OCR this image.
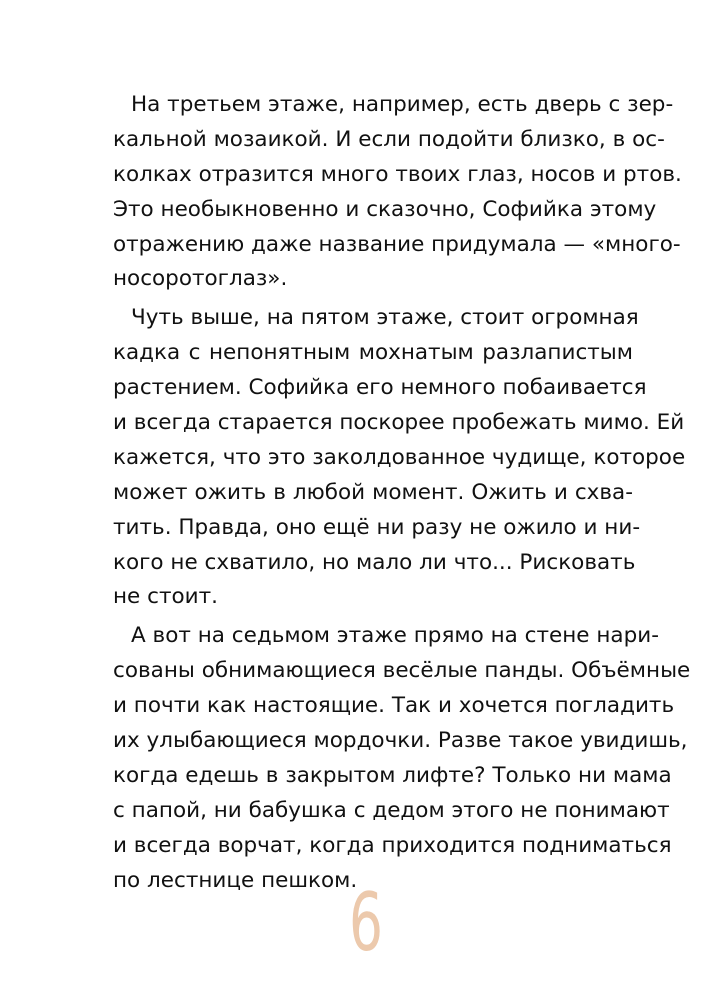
На третьем этаже, например, есть дверь с зер-
кальной мозаикой. И если подойти близко, в ос-
колках отразится много твоих глаз, носов и ртов.
Это необыкновенно и сказочно, Софийка этому
отражению даже название придумала — «много-
носоротоглаз».
Чуть выше, на пятом этаже, стоит огромная
кадка с непонятным мохнатым разлапистым
растением. Софийка его немного побаивается
и всегда старается поскорее пробежать мимо. Ей
кажется, что это заколдованное чудище, которое
может ожить в любой момент. Ожить и схва-
тить. Правда, оно ещё ни разу не ожило и ни-
кого не схватило, но мало ли что... Рисковать
не стоит.
А вот на седьмом этаже прямо на стене нари-
сованы обнимающиеся весёлые панды. Объёмные
и почти как настоящие. Так и хочется погладить
их улыбающиеся мордочки. Разве такое увидишь,
когда едешь в закрытом лифте? Только ни мама
с папой, ни бабушка с дедом этого не понимают
и всегда ворчат, когда приходится подниматься
по лестнице пешком.
6
